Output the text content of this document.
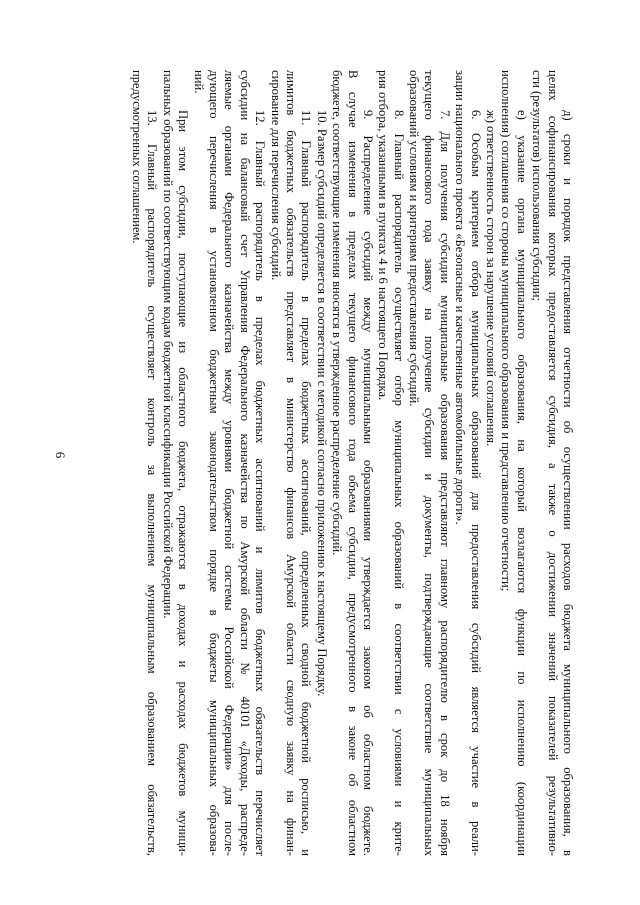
6	д) сроки и порядок представления отчетности об осуществлении расходов бюджета муниципального образования, в
целях софинансирования которых предоставляется субсидия, а также о достижении значений показателей результативно-
сти (результатов) использования субсидии;
е) указание органа муниципального образования, на который возлагаются функции по исполнению (координации
исполнения) соглашения со стороны муниципального образования и представлению отчетности;
ж) ответственность сторон за нарушение условий соглашения.
6. Особым критерием отбора муниципальных образований для предоставления субсидий является участие в реали-
зации национального проекта «Безопасные и качественные автомобильные дороги».
7. Для получения субсидии муниципальные образования представляют главному распорядителю в срок до 18 ноября
текущего финансового года заявку на получение субсидии и документы, подтверждающие соответствие муниципальных
образований условиям и критериям предоставления субсидий.
8. Главный распорядитель осуществляет отбор муниципальных образований в соответствии с условиями и крите-
рия отбора, указанными в пунктах 4 и 6 настоящего Порядка.
9. Распределение субсидий между муниципальными образованиями утверждается законом об областном бюджете.
В случае изменения в пределах текущего финансового года объема субсидии, предусмотренного в законе об областном
бюджете, соответствующие изменения вносятся в утвержденное распределение субсидий.
10. Размер субсидий определяется в соответствии с методикой согласно приложению к настоящему Порядку.
11. Главный распорядитель в пределах бюджетных ассигнований, определенных сводной бюджетной росписью, и
лимитов бюджетных обязательств представляет в министерство финансов Амурской области сводную заявку на финан-
сирование для перечисления субсидий.
12. Главный распорядитель в пределах бюджетных ассигнований и лимитов бюджетных обязательств перечисляет
субсидии на балансовый счет Управления Федерального казначейства по Амурской области № 40101 «Доходы, распреде-
ляемые органами Федерального казначейства между уровнями бюджетной системы Российской Федерации» для после-
дующего перечисления в установленном бюджетным законодательством порядке в бюджеты муниципальных образова-
ний.
При этом субсидии, поступающие из областного бюджета, отражаются в доходах и расходах бюджетов муници-
пальных образований по соответствующим кодам бюджетной классификации Российской Федерации.
13. Главный распорядитель осуществляет контроль за выполнением муниципальным образованием обязательств,
предусмотренных соглашением.
